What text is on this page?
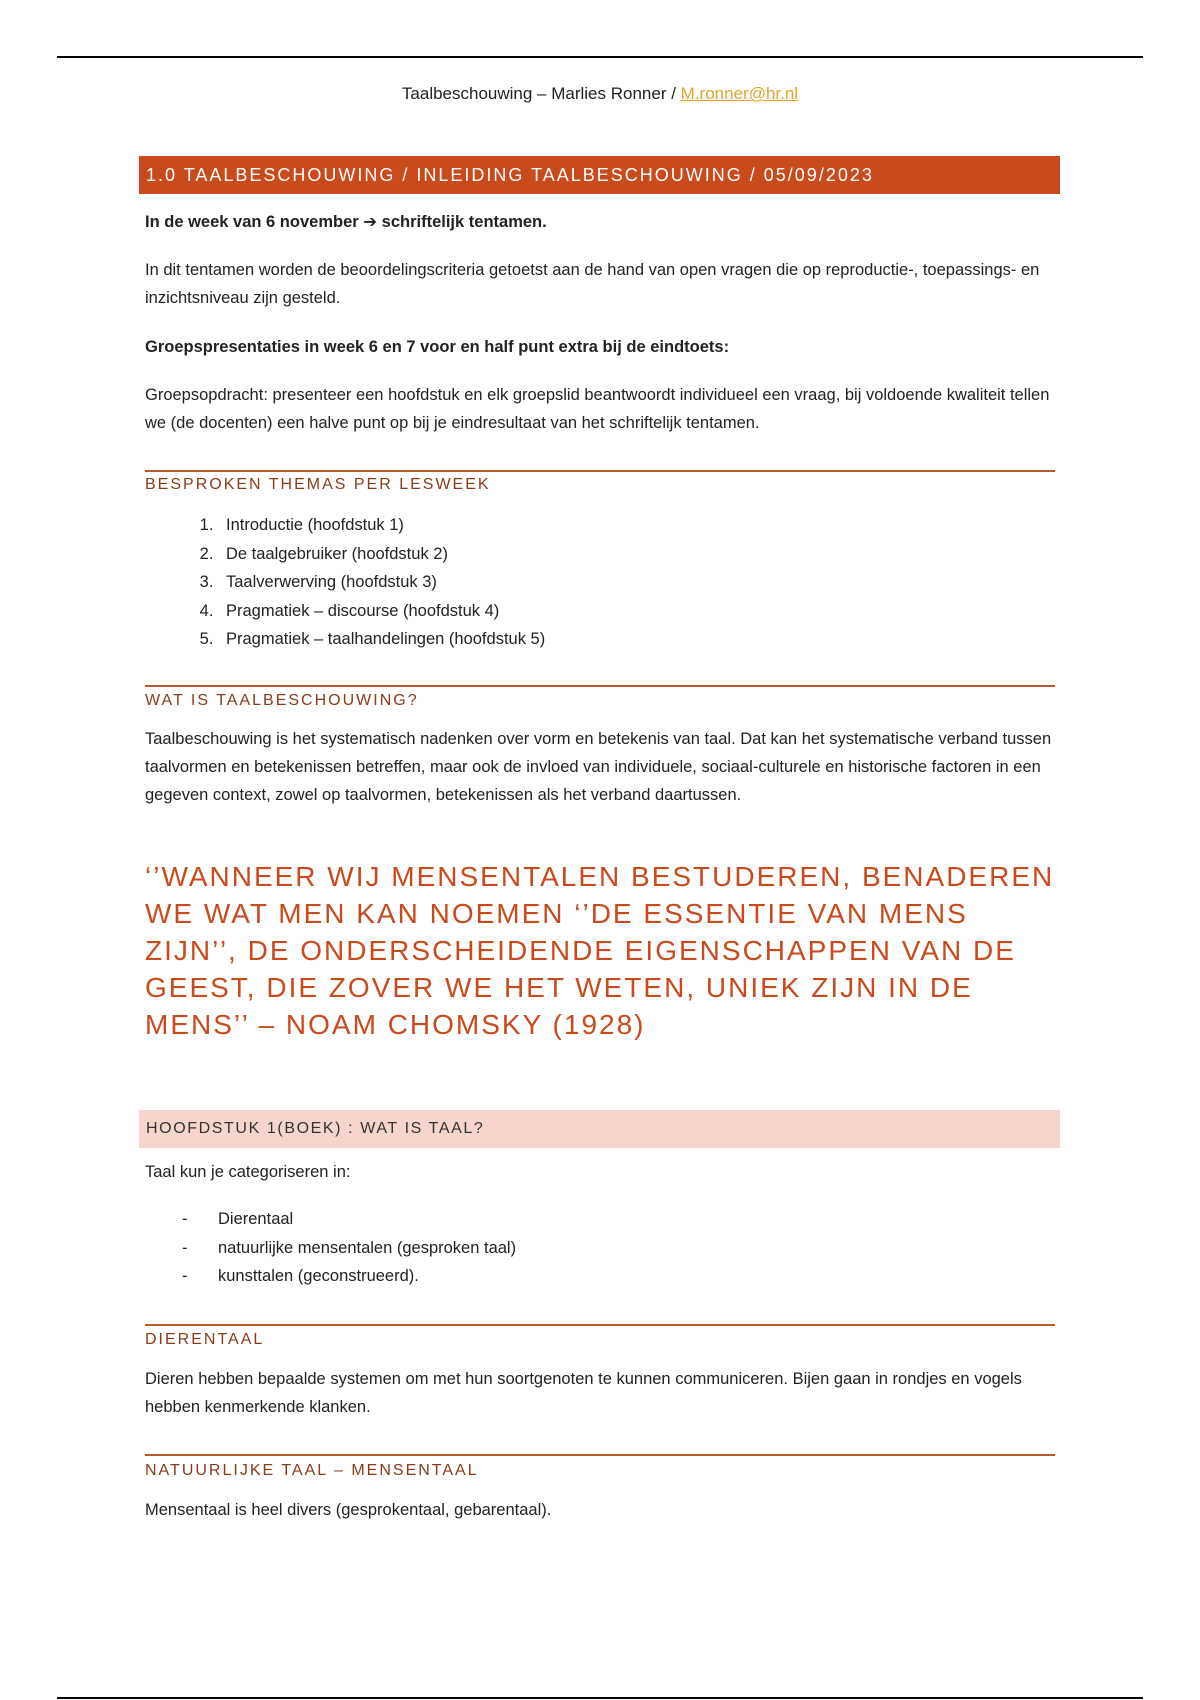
Taalbeschouwing – Marlies Ronner / M.ronner@hr.nl
1.0 TAALBESCHOUWING / INLEIDING TAALBESCHOUWING / 05/09/2023

In de week van 6 november ➔ schriftelijk tentamen.

In dit tentamen worden de beoordelingscriteria getoetst aan de hand van open vragen die op reproductie-, toepassings- en inzichtsniveau zijn gesteld.

Groepspresentaties in week 6 en 7 voor en half punt extra bij de eindtoets:

Groepsopdracht: presenteer een hoofdstuk en elk groepslid beantwoordt individueel een vraag, bij voldoende kwaliteit tellen we (de docenten) een halve punt op bij je eindresultaat van het schriftelijk tentamen.

Taalbeschouwing is het systematisch nadenken over vorm en betekenis van taal. Dat kan het systematische verband tussen taalvormen en betekenissen betreffen, maar ook de invloed van individuele, sociaal-culturele en historische factoren in een gegeven context, zowel op taalvormen, betekenissen als het verband daartussen.

Taal kun je categoriseren in:

Dieren hebben bepaalde systemen om met hun soortgenoten te kunnen communiceren. Bijen gaan in rondjes en vogels hebben kenmerkende klanken.

Mensentaal is heel divers (gesprokentaal, gebarentaal).

BESPROKEN THEMAS PER LESWEEK
1. Introductie (hoofdstuk 1)
2. De taalgebruiker (hoofdstuk 2)
3. Taalverwerving (hoofdstuk 3)
4. Pragmatiek – discourse (hoofdstuk 4)
5. Pragmatiek – taalhandelingen (hoofdstuk 5)
WAT IS TAALBESCHOUWING?
‘’WANNEER WIJ MENSENTALEN BESTUDEREN, BENADEREN WE WAT MEN KAN NOEMEN ‘’DE ESSENTIE VAN MENS ZIJN’’, DE ONDERSCHEIDENDE EIGENSCHAPPEN VAN DE GEEST, DIE ZOVER WE HET WETEN, UNIEK ZIJN IN DE MENS’’ – NOAM CHOMSKY (1928)
HOOFDSTUK 1(BOEK) : WAT IS TAAL?
- Dierentaal
- natuurlijke mensentalen (gesproken taal)
- kunsttalen (geconstrueerd).
DIERENTAAL
NATUURLIJKE TAAL – MENSENTAAL
